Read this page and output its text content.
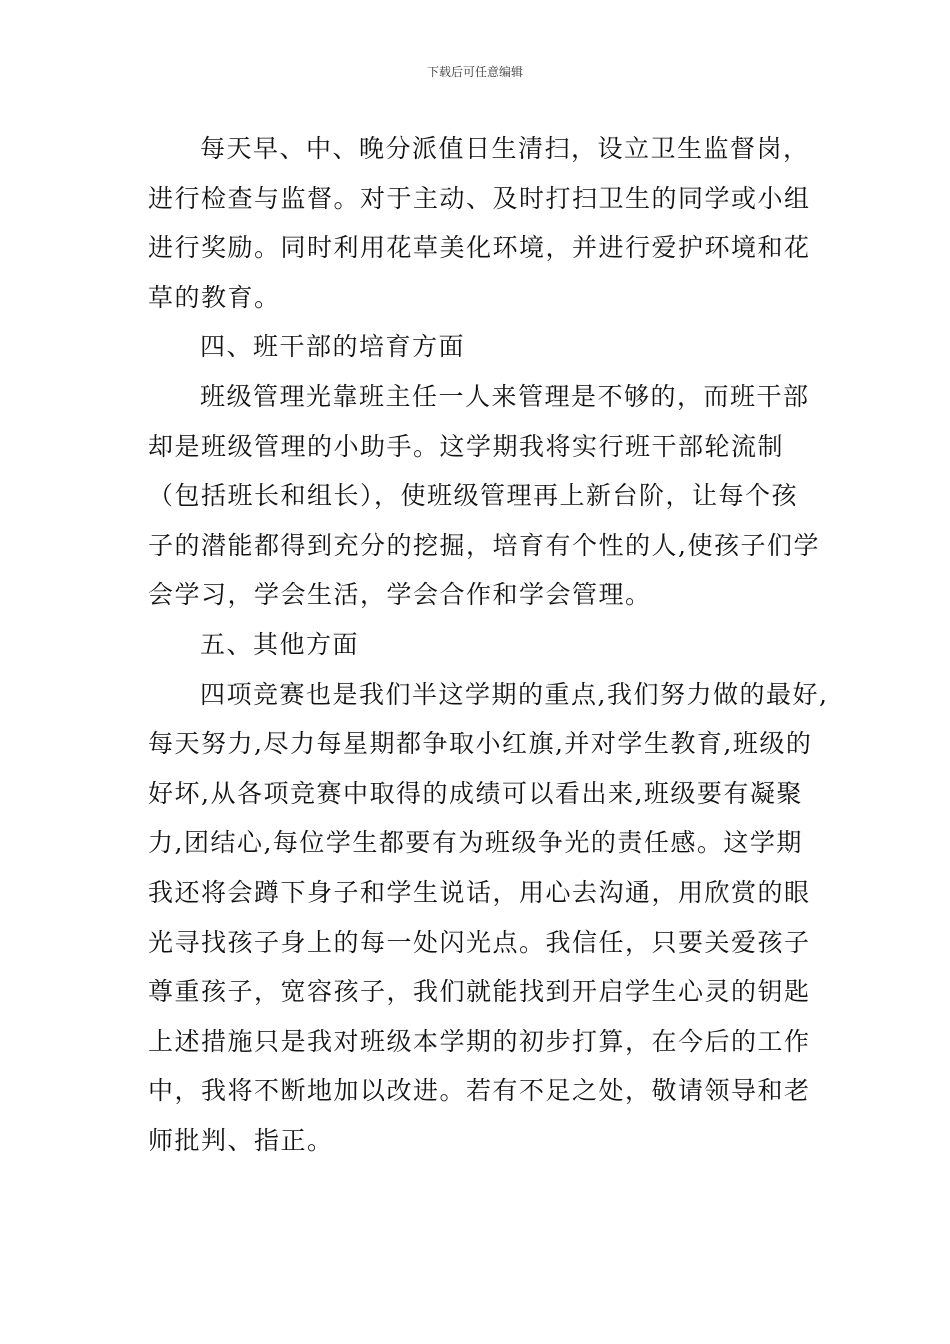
下载后可任意编辑
每天早、中、晚分派值日生清扫，设立卫生监督岗，
进行检查与监督。对于主动、及时打扫卫生的同学或小组
进行奖励。同时利用花草美化环境，并进行爱护环境和花
草的教育。
四、班干部的培育方面
班级管理光靠班主任一人来管理是不够的，而班干部
却是班级管理的小助手。这学期我将实行班干部轮流制
（包括班长和组长），使班级管理再上新台阶，让每个孩
子的潜能都得到充分的挖掘，培育有个性的人,使孩子们学
会学习，学会生活，学会合作和学会管理。
五、其他方面
四项竞赛也是我们半这学期的重点,我们努力做的最好,
每天努力,尽力每星期都争取小红旗,并对学生教育,班级的
好坏,从各项竞赛中取得的成绩可以看出来,班级要有凝聚
力,团结心,每位学生都要有为班级争光的责任感。这学期
我还将会蹲下身子和学生说话，用心去沟通，用欣赏的眼
光寻找孩子身上的每一处闪光点。我信任，只要关爱孩子
尊重孩子，宽容孩子，我们就能找到开启学生心灵的钥匙
上述措施只是我对班级本学期的初步打算，在今后的工作
中，我将不断地加以改进。若有不足之处，敬请领导和老
师批判、指正。
